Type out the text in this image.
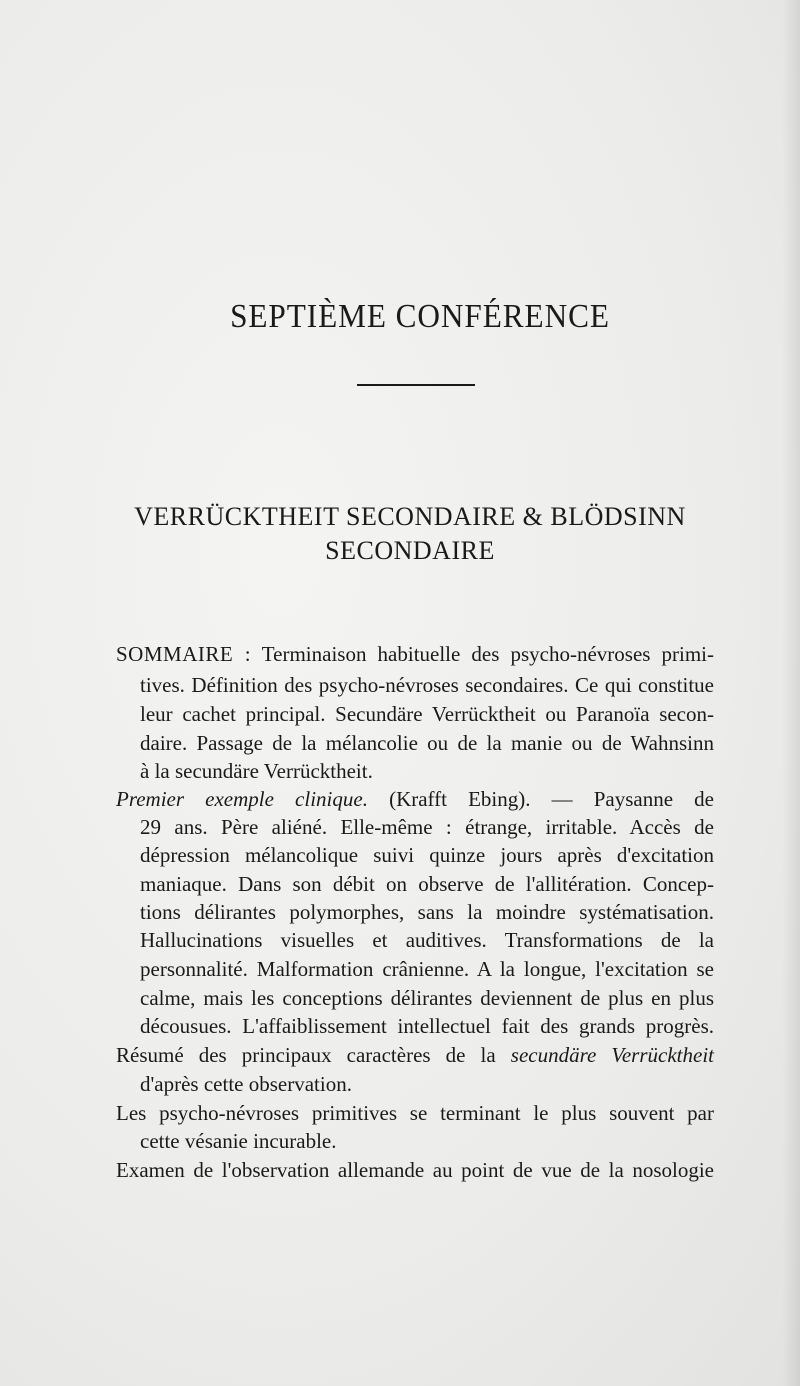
SEPTIÈME CONFÉRENCE
VERRÜCKTHEIT SECONDAIRE & BLÖDSINN
SECONDAIRE
SOMMAIRE : Terminaison habituelle des psycho-névroses primi-
tives. Définition des psycho-névroses secondaires. Ce qui constitue
leur cachet principal. Secundäre Verrücktheit ou Paranoïa secon-
daire. Passage de la mélancolie ou de la manie ou de Wahnsinn
à la secundäre Verrücktheit.
Premier exemple clinique. (Krafft Ebing). — Paysanne de
29 ans. Père aliéné. Elle-même : étrange, irritable. Accès de
dépression mélancolique suivi quinze jours après d'excitation
maniaque. Dans son débit on observe de l'allitération. Concep-
tions délirantes polymorphes, sans la moindre systématisation.
Hallucinations visuelles et auditives. Transformations de la
personnalité. Malformation crânienne. A la longue, l'excitation se
calme, mais les conceptions délirantes deviennent de plus en plus
décousues. L'affaiblissement intellectuel fait des grands progrès.
Résumé des principaux caractères de la secundäre Verrücktheit
d'après cette observation.
Les psycho-névroses primitives se terminant le plus souvent par
cette vésanie incurable.
Examen de l'observation allemande au point de vue de la nosologie
